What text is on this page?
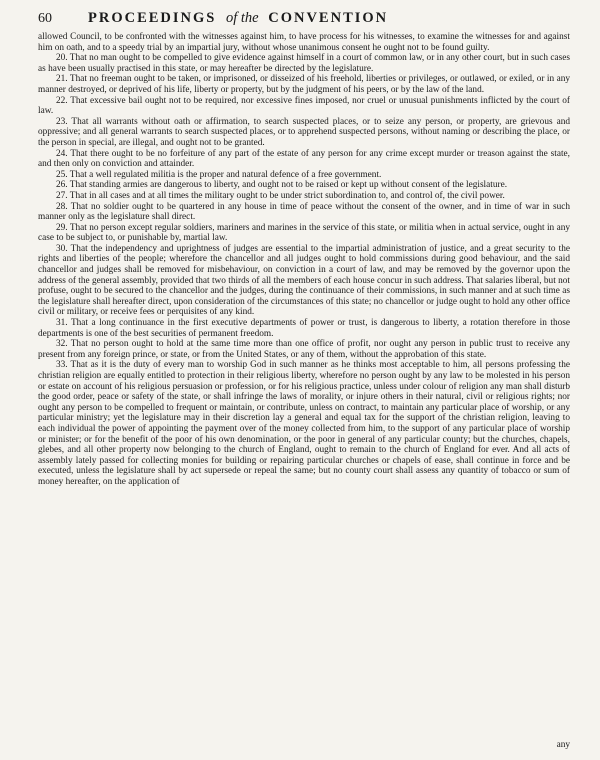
60	PROCEEDINGS of the CONVENTION

allowed Council, to be confronted with the witnesses against him, to have process for his witnesses, to examine the witnesses for and against him on oath, and to a speedy trial by an impartial jury, without whose unanimous consent he ought not to be found guilty.

20. That no man ought to be compelled to give evidence against himself in a court of common law, or in any other court, but in such cases as have been usually practised in this state, or may hereafter be directed by the legislature.

21. That no freeman ought to be taken, or imprisoned, or disseized of his freehold, liberties or privileges, or outlawed, or exiled, or in any manner destroyed, or deprived of his life, liberty or property, but by the judgment of his peers, or by the law of the land.

22. That excessive bail ought not to be required, nor excessive fines imposed, nor cruel or unusual punishments inflicted by the court of law.

23. That all warrants without oath or affirmation, to search suspected places, or to seize any person, or property, are grievous and oppressive; and all general warrants to search suspected places, or to apprehend suspected persons, without naming or describing the place, or the person in special, are illegal, and ought not to be granted.

24. That there ought to be no forfeiture of any part of the estate of any person for any crime except murder or treason against the state, and then only on conviction and attainder.

25. That a well regulated militia is the proper and natural defence of a free government.

26. That standing armies are dangerous to liberty, and ought not to be raised or kept up without consent of the legislature.

27. That in all cases and at all times the military ought to be under strict subordination to, and control of, the civil power.

28. That no soldier ought to be quartered in any house in time of peace without the consent of the owner, and in time of war in such manner only as the legislature shall direct.

29. That no person except regular soldiers, mariners and marines in the service of this state, or militia when in actual service, ought in any case to be subject to, or punishable by, martial law.

30. That the independency and uprightness of judges are essential to the impartial administration of justice, and a great security to the rights and liberties of the people; wherefore the chancellor and all judges ought to hold commissions during good behaviour, and the said chancellor and judges shall be removed for misbehaviour, on conviction in a court of law, and may be removed by the governor upon the address of the general assembly, provided that two thirds of all the members of each house concur in such address. That salaries liberal, but not profuse, ought to be secured to the chancellor and the judges, during the continuance of their commissions, in such manner and at such time as the legislature shall hereafter direct, upon consideration of the circumstances of this state; no chancellor or judge ought to hold any other office civil or military, or receive fees or perquisites of any kind.

31. That a long continuance in the first executive departments of power or trust, is dangerous to liberty, a rotation therefore in those departments is one of the best securities of permanent freedom.

32. That no person ought to hold at the same time more than one office of profit, nor ought any person in public trust to receive any present from any foreign prince, or state, or from the United States, or any of them, without the approbation of this state.

33. That as it is the duty of every man to worship God in such manner as he thinks most acceptable to him, all persons professing the christian religion are equally entitled to protection in their religious liberty, wherefore no person ought by any law to be molested in his person or estate on account of his religious persuasion or profession, or for his religious practice, unless under colour of religion any man shall disturb the good order, peace or safety of the state, or shall infringe the laws of morality, or injure others in their natural, civil or religious rights; nor ought any person to be compelled to frequent or maintain, or contribute, unless on contract, to maintain any particular place of worship, or any particular ministry; yet the legislature may in their discretion lay a general and equal tax for the support of the christian religion, leaving to each individual the power of appointing the payment over of the money collected from him, to the support of any particular place of worship or minister; or for the benefit of the poor of his own denomination, or the poor in general of any particular county; but the churches, chapels, glebes, and all other property now belonging to the church of England, ought to remain to the church of England for ever. And all acts of assembly lately passed for collecting monies for building or repairing particular churches or chapels of ease, shall continue in force and be executed, unless the legislature shall by act supersede or repeal the same; but no county court shall assess any quantity of tobacco or sum of money hereafter, on the application of

any
